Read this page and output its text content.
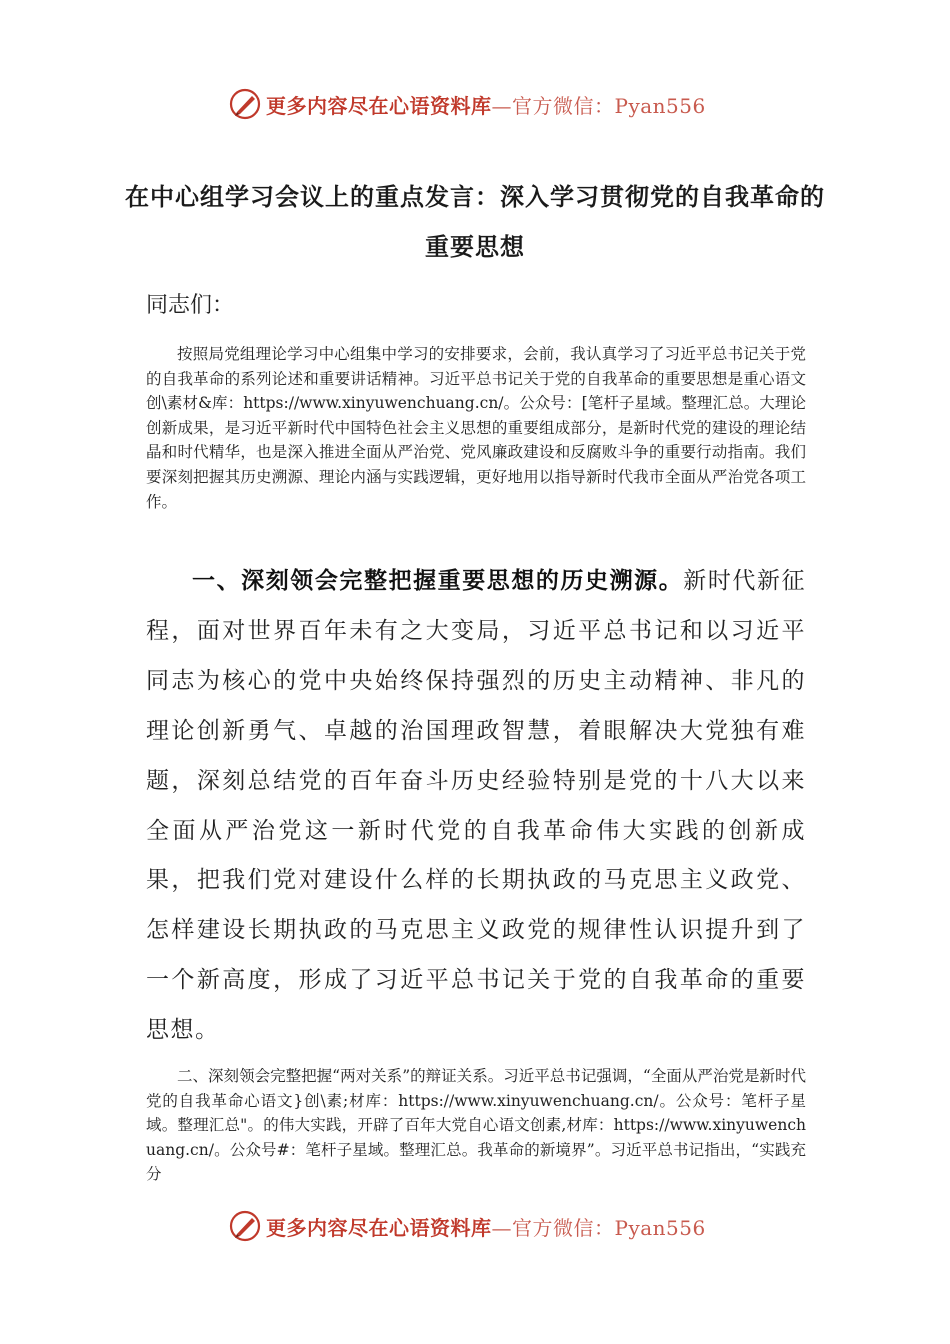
更多内容尽在心语资料库—官方微信：Pyan556
在中心组学习会议上的重点发言：深入学习贯彻党的自我革命的重要思想

同志们：

按照局党组理论学习中心组集中学习的安排要求，会前，我认真学习了习近平总书记关于党的自我革命的系列论述和重要讲话精神。习近平总书记关于党的自我革命的重要思想是重心语文创\素材&库：https://www.xinyuwenchuang.cn/。公众号：[笔杆子星域。整理汇总。大理论创新成果，是习近平新时代中国特色社会主义思想的重要组成部分，是新时代党的建设的理论结晶和时代精华，也是深入推进全面从严治党、党风廉政建设和反腐败斗争的重要行动指南。我们要深刻把握其历史溯源、理论内涵与实践逻辑，更好地用以指导新时代我市全面从严治党各项工作。

一、深刻领会完整把握重要思想的历史溯源。新时代新征程，面对世界百年未有之大变局，习近平总书记和以习近平同志为核心的党中央始终保持强烈的历史主动精神、非凡的理论创新勇气、卓越的治国理政智慧，着眼解决大党独有难题，深刻总结党的百年奋斗历史经验特别是党的十八大以来全面从严治党这一新时代党的自我革命伟大实践的创新成果，把我们党对建设什么样的长期执政的马克思主义政党、怎样建设长期执政的马克思主义政党的规律性认识提升到了一个新高度，形成了习近平总书记关于党的自我革命的重要思想。

二、深刻领会完整把握“两对关系”的辩证关系。习近平总书记强调，“全面从严治党是新时代党的自我革命心语文}创\素;材库：https://www.xinyuwenchuang.cn/。公众号：笔杆子星域。整理汇总"。的伟大实践，开辟了百年大党自心语文创素,材库：https://www.xinyuwenchuang.cn/。公众号#：笔杆子星域。整理汇总。我革命的新境界”。习近平总书记指出，“实践充分

更多内容尽在心语资料库—官方微信：Pyan556
